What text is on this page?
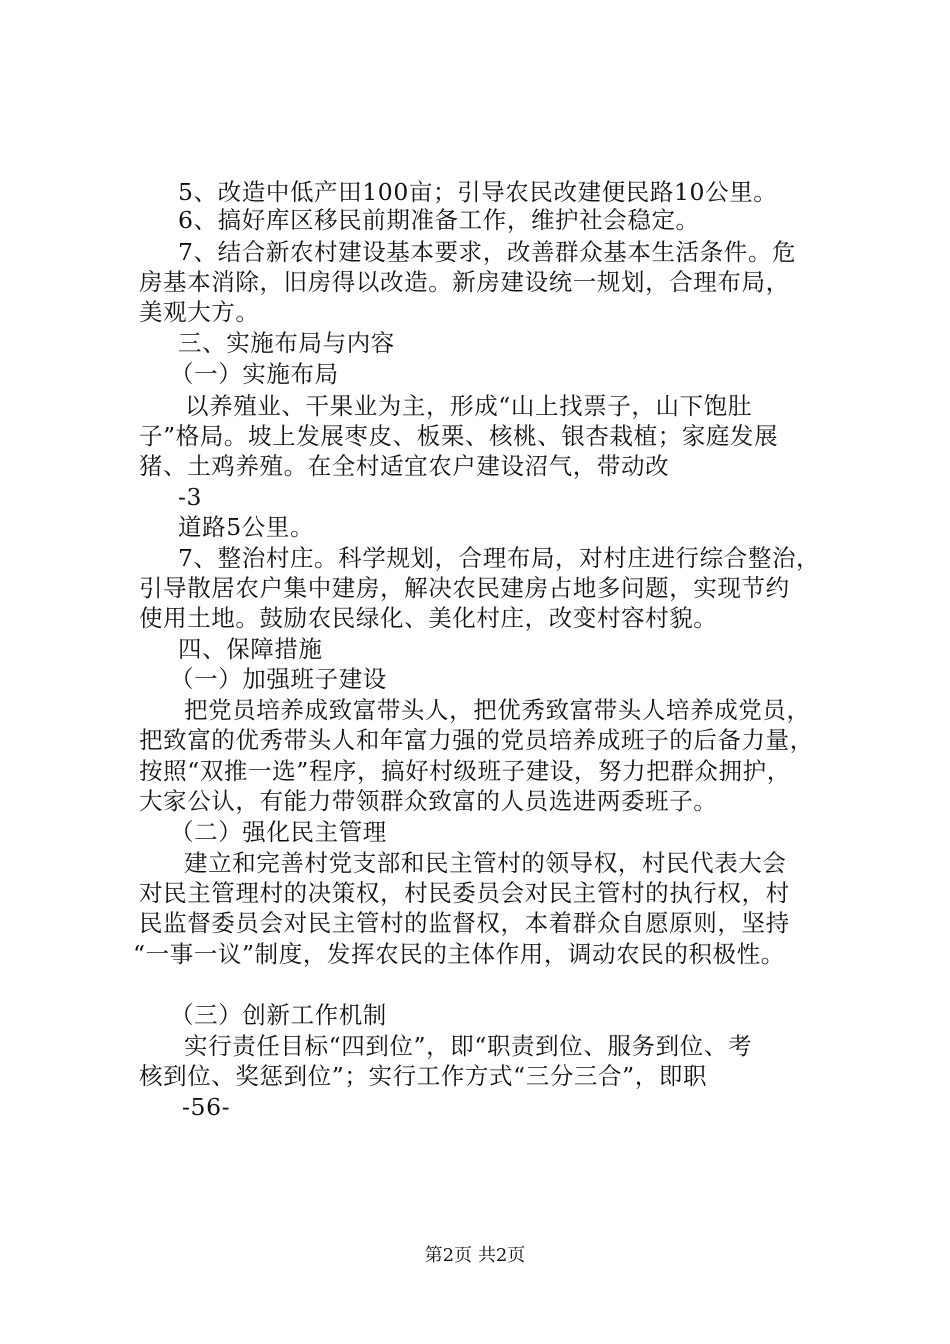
5、改造中低产田100亩；引导农民改建便民路10公里。
6、搞好库区移民前期准备工作，维护社会稳定。
7、结合新农村建设基本要求，改善群众基本生活条件。危
房基本消除，旧房得以改造。新房建设统一规划，合理布局，
美观大方。
三、实施布局与内容
（一）实施布局
以养殖业、干果业为主，形成“山上找票子，山下饱肚
子”格局。坡上发展枣皮、板栗、核桃、银杏栽植；家庭发展
猪、土鸡养殖。在全村适宜农户建设沼气，带动改
-3
道路5公里。
7、整治村庄。科学规划，合理布局，对村庄进行综合整治，
引导散居农户集中建房，解决农民建房占地多问题，实现节约
使用土地。鼓励农民绿化、美化村庄，改变村容村貌。
四、保障措施
（一）加强班子建设
把党员培养成致富带头人，把优秀致富带头人培养成党员，
把致富的优秀带头人和年富力强的党员培养成班子的后备力量，
按照“双推一选”程序，搞好村级班子建设，努力把群众拥护，
大家公认，有能力带领群众致富的人员选进两委班子。
（二）强化民主管理
建立和完善村党支部和民主管村的领导权，村民代表大会
对民主管理村的决策权，村民委员会对民主管村的执行权，村
民监督委员会对民主管村的监督权，本着群众自愿原则，坚持
“一事一议”制度，发挥农民的主体作用，调动农民的积极性。
（三）创新工作机制
实行责任目标“四到位”，即“职责到位、服务到位、考
核到位、奖惩到位”；实行工作方式“三分三合”，即职
-56-
第2页 共2页
